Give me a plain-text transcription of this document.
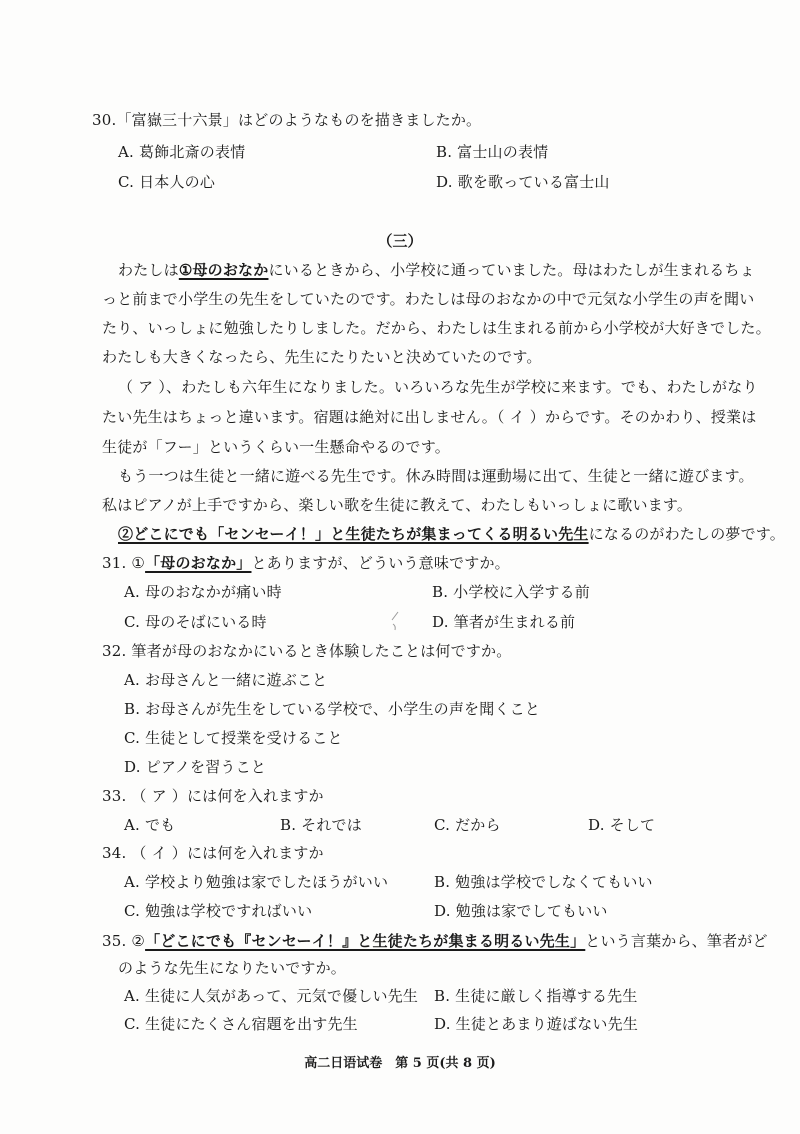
30.「富嶽三十六景」はどのようなものを描きましたか。
A. 葛飾北斎の表情	B. 富士山の表情
C. 日本人の心	D. 歌を歌っている富士山
（三）
わたしは①母のおなかにいるときから、小学校に通っていました。母はわたしが生まれるちょ
っと前まで小学生の先生をしていたのです。わたしは母のおなかの中で元気な小学生の声を聞い
たり、いっしょに勉強したりしました。だから、わたしは生まれる前から小学校が大好きでした。
わたしも大きくなったら、先生にたりたいと決めていたのです。
（ ア ）、わたしも六年生になりました。いろいろな先生が学校に来ます。でも、わたしがなり
たい先生はちょっと違います。宿題は絶対に出しません。（ イ ）からです。そのかわり、授業は
生徒が「フー」というくらい一生懸命やるのです。
もう一つは生徒と一緒に遊べる先生です。休み時間は運動場に出て、生徒と一緒に遊びます。
私はピアノが上手ですから、楽しい歌を生徒に教えて、わたしもいっしょに歌います。
②どこにでも「センセーイ！」と生徒たちが集まってくる明るい先生になるのがわたしの夢です。
31. ①「母のおなか」とありますが、どういう意味ですか。
A. 母のおなかが痛い時	B. 小学校に入学する前
C. 母のそばにいる時	D. 筆者が生まれる前
32. 筆者が母のおなかにいるとき体験したことは何ですか。
A. お母さんと一緒に遊ぶこと
B. お母さんが先生をしている学校で、小学生の声を聞くこと
C. 生徒として授業を受けること
D. ピアノを習うこと
33. （ ア ）には何を入れますか
A. でも	B. それでは	C. だから	D. そして
34. （ イ ）には何を入れますか
A. 学校より勉強は家でしたほうがいい	B. 勉強は学校でしなくてもいい
C. 勉強は学校ですればいい	D. 勉強は家でしてもいい
35. ②「どこにでも『センセーイ！』と生徒たちが集まる明るい先生」という言葉から、筆者がど
のような先生になりたいですか。
A. 生徒に人気があって、元気で優しい先生 B. 生徒に厳しく指導する先生
C. 生徒にたくさん宿題を出す先生	D. 生徒とあまり遊ばない先生
高二日语试卷　第 5 页(共 8 页)
